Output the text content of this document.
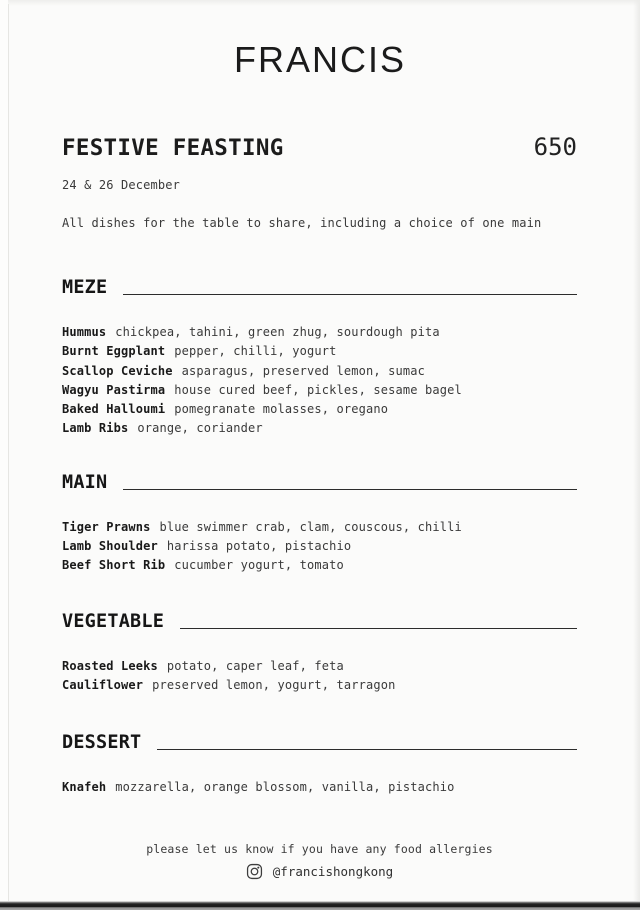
FRANCIS
FESTIVE FEASTING	650
24 & 26 December
All dishes for the table to share, including a choice of one main
MEZE
Hummus chickpea, tahini, green zhug, sourdough pita
Burnt Eggplant pepper, chilli, yogurt
Scallop Ceviche asparagus, preserved lemon, sumac
Wagyu Pastirma house cured beef, pickles, sesame bagel
Baked Halloumi pomegranate molasses, oregano
Lamb Ribs orange, coriander
MAIN
Tiger Prawns blue swimmer crab, clam, couscous, chilli
Lamb Shoulder harissa potato, pistachio
Beef Short Rib cucumber yogurt, tomato
VEGETABLE
Roasted Leeks potato, caper leaf, feta
Cauliflower preserved lemon, yogurt, tarragon
DESSERT
Knafeh mozzarella, orange blossom, vanilla, pistachio
please let us know if you have any food allergies
@francishongkong
